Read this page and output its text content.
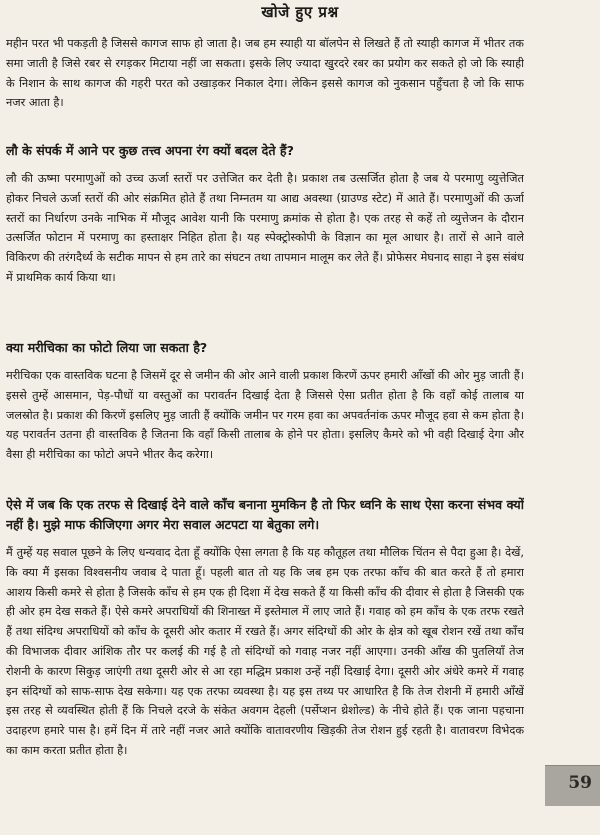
खोजे हुए प्रश्न

महीन परत भी पकड़ती है जिससे कागज साफ हो जाता है। जब हम स्याही या बॉलपेन से लिखते हैं तो स्याही कागज में भीतर तक समा जाती है जिसे रबर से रगड़कर मिटाया नहीं जा सकता। इसके लिए ज्यादा खुरदरे रबर का प्रयोग कर सकते हो जो कि स्याही के निशान के साथ कागज की गहरी परत को उखाड़कर निकाल देगा। लेकिन इससे कागज को नुकसान पहुँचता है जो कि साफ नजर आता है।

लौ के संपर्क में आने पर कुछ तत्त्व अपना रंग क्यों बदल देते हैं?

लौ की ऊष्मा परमाणुओं को उच्च ऊर्जा स्तरों पर उत्तेजित कर देती है। प्रकाश तब उत्सर्जित होता है जब ये परमाणु व्युत्तेजित होकर निचले ऊर्जा स्तरों की ओर संक्रमित होते हैं तथा निम्नतम या आद्य अवस्था (ग्राउण्ड स्टेट) में आते हैं। परमाणुओं की ऊर्जा स्तरों का निर्धारण उनके नाभिक में मौजूद आवेश यानी कि परमाणु क्रमांक से होता है। एक तरह से कहें तो व्युत्तेजन के दौरान उत्सर्जित फोटान में परमाणु का हस्ताक्षर निहित होता है। यह स्पेक्ट्रोस्कोपी के विज्ञान का मूल आधार है। तारों से आने वाले विकिरण की तरंगदैर्ध्य के सटीक मापन से हम तारे का संघटन तथा तापमान मालूम कर लेते हैं। प्रोफेसर मेघनाद साहा ने इस संबंध में प्राथमिक कार्य किया था।

क्या मरीचिका का फोटो लिया जा सकता है?

मरीचिका एक वास्तविक घटना है जिसमें दूर से जमीन की ओर आने वाली प्रकाश किरणें ऊपर हमारी आँखों की ओर मुड़ जाती हैं। इससे तुम्हें आसमान, पेड़-पौधों या वस्तुओं का परावर्तन दिखाई देता है जिससे ऐसा प्रतीत होता है कि वहाँ कोई तालाब या जलस्रोत है। प्रकाश की किरणें इसलिए मुड़ जाती हैं क्योंकि जमीन पर गरम हवा का अपवर्तनांक ऊपर मौजूद हवा से कम होता है। यह परावर्तन उतना ही वास्तविक है जितना कि वहाँ किसी तालाब के होने पर होता। इसलिए कैमरे को भी वही दिखाई देगा और वैसा ही मरीचिका का फोटो अपने भीतर कैद करेगा।

ऐसे में जब कि एक तरफ से दिखाई देने वाले काँच बनाना मुमकिन है तो फिर ध्वनि के साथ ऐसा करना संभव क्यों नहीं है। मुझे माफ कीजिएगा अगर मेरा सवाल अटपटा या बेतुका लगे।

मैं तुम्हें यह सवाल पूछने के लिए धन्यवाद देता हूँ क्योंकि ऐसा लगता है कि यह कौतूहल तथा मौलिक चिंतन से पैदा हुआ है। देखें, कि क्या मैं इसका विश्वसनीय जवाब दे पाता हूँ। पहली बात तो यह कि जब हम एक तरफा काँच की बात करते हैं तो हमारा आशय किसी कमरे से होता है जिसके काँच से हम एक ही दिशा में देख सकते हैं या किसी काँच की दीवार से होता है जिसकी एक ही ओर हम देख सकते हैं। ऐसे कमरे अपराधियों की शिनाख्त में इस्तेमाल में लाए जाते हैं। गवाह को हम काँच के एक तरफ रखते हैं तथा संदिग्ध अपराधियों को काँच के दूसरी ओर कतार में रखते हैं। अगर संदिग्धों की ओर के क्षेत्र को खूब रोशन रखें तथा काँच की विभाजक दीवार आंशिक तौर पर कलई की गई है तो संदिग्धों को गवाह नजर नहीं आएगा। उनकी आँख की पुतलियाँ तेज रोशनी के कारण सिकुड़ जाएंगी तथा दूसरी ओर से आ रहा मद्धिम प्रकाश उन्हें नहीं दिखाई देगा। दूसरी ओर अंधेरे कमरे में गवाह इन संदिग्धों को साफ-साफ देख सकेगा। यह एक तरफा व्यवस्था है। यह इस तथ्य पर आधारित है कि तेज रोशनी में हमारी आँखें इस तरह से व्यवस्थित होती हैं कि निचले दरजे के संकेत अवगम देहली (पर्सेप्शन थ्रेशोल्ड) के नीचे होते हैं। एक जाना पहचाना उदाहरण हमारे पास है। हमें दिन में तारे नहीं नजर आते क्योंकि वातावरणीय खिड़की तेज रोशन हुई रहती है। वातावरण विभेदक का काम करता प्रतीत होता है।

59
